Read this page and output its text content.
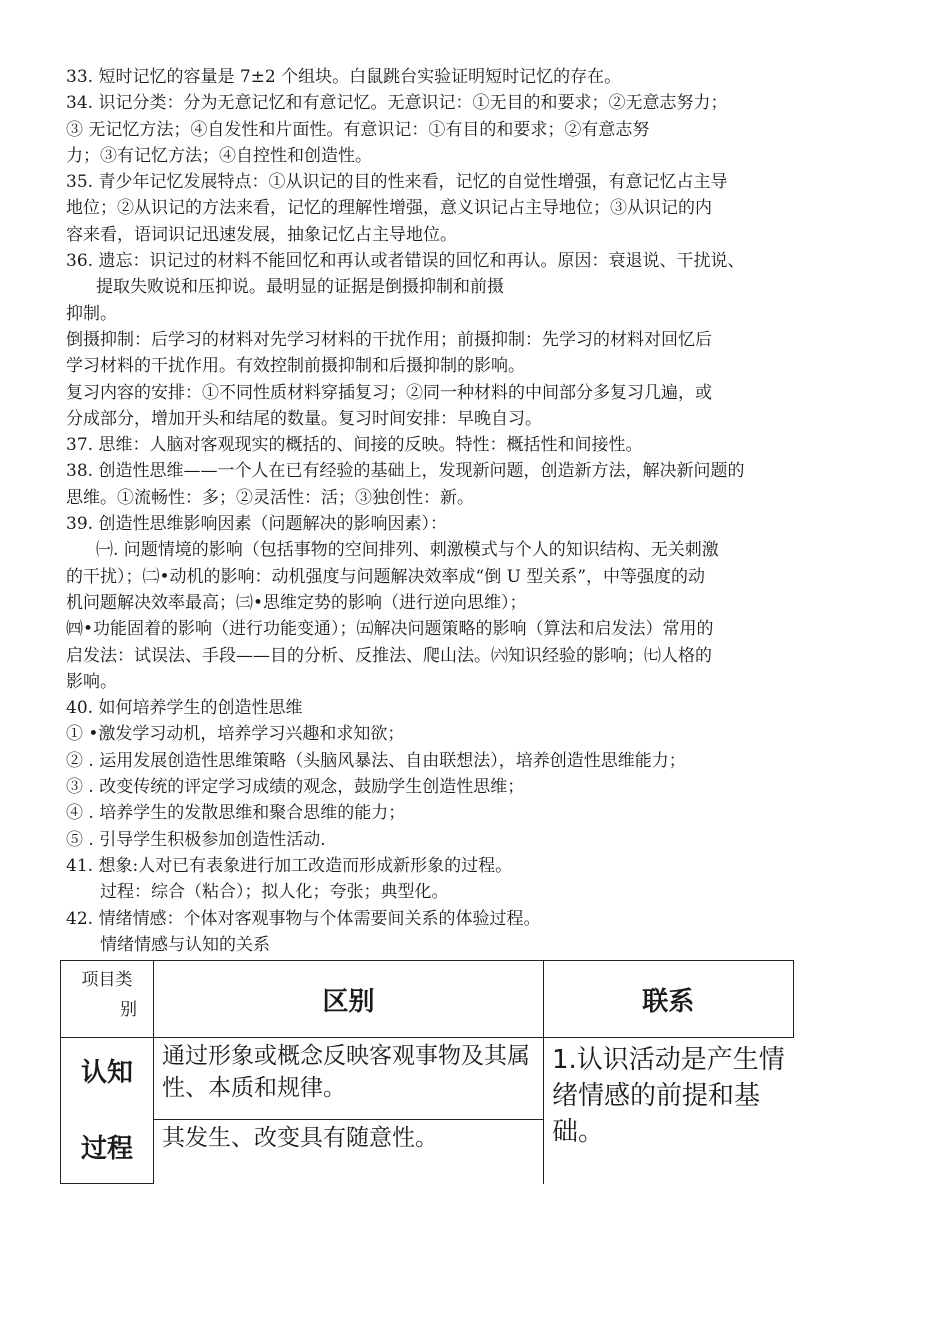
33. 短时记忆的容量是 7±2 个组块。白鼠跳台实验证明短时记忆的存在。
34. 识记分类：分为无意记忆和有意记忆。无意识记：①无目的和要求；②无意志努力；
③ 无记忆方法；④自发性和片面性。有意识记：①有目的和要求；②有意志努
力；③有记忆方法；④自控性和创造性。
35. 青少年记忆发展特点：①从识记的目的性来看，记忆的自觉性增强，有意记忆占主导
地位；②从识记的方法来看，记忆的理解性增强，意义识记占主导地位；③从识记的内
容来看，语词识记迅速发展，抽象记忆占主导地位。
36. 遗忘：识记过的材料不能回忆和再认或者错误的回忆和再认。原因：衰退说、干扰说、
提取失败说和压抑说。最明显的证据是倒摄抑制和前摄
抑制。
倒摄抑制：后学习的材料对先学习材料的干扰作用；前摄抑制：先学习的材料对回忆后
学习材料的干扰作用。有效控制前摄抑制和后摄抑制的影响。
复习内容的安排：①不同性质材料穿插复习；②同一种材料的中间部分多复习几遍，或
分成部分，增加开头和结尾的数量。复习时间安排：早晚自习。
37. 思维：人脑对客观现实的概括的、间接的反映。特性：概括性和间接性。
38. 创造性思维——一个人在已有经验的基础上，发现新问题，创造新方法，解决新问题的
思维。①流畅性：多；②灵活性：活；③独创性：新。
39. 创造性思维影响因素（问题解决的影响因素）：
㈠. 问题情境的影响（包括事物的空间排列、刺激模式与个人的知识结构、无关刺激
的干扰）；㈡•动机的影响：动机强度与问题解决效率成“倒 U 型关系”，中等强度的动
机问题解决效率最高；㈢•思维定势的影响（进行逆向思维）；
㈣•功能固着的影响（进行功能变通）；㈤解决问题策略的影响（算法和启发法）常用的
启发法：试误法、手段——目的分析、反推法、爬山法。㈥知识经验的影响；㈦人格的
影响。
40. 如何培养学生的创造性思维
① •激发学习动机，培养学习兴趣和求知欲；
② . 运用发展创造性思维策略（头脑风暴法、自由联想法），培养创造性思维能力；
③ . 改变传统的评定学习成绩的观念，鼓励学生创造性思维；
④ . 培养学生的发散思维和聚合思维的能力；
⑤ . 引导学生积极参加创造性活动.
41. 想象:人对已有表象进行加工改造而形成新形象的过程。
过程：综合（粘合）；拟人化；夸张；典型化。
42. 情绪情感：个体对客观事物与个体需要间关系的体验过程。
情绪情感与认知的关系
项目类
别	区别	联系

认知
过程	通过形象或概念反映客观事物及其属性、本质和规律。	1.认识活动是产生情绪情感的前提和基础。
	其发生、改变具有随意性。	
